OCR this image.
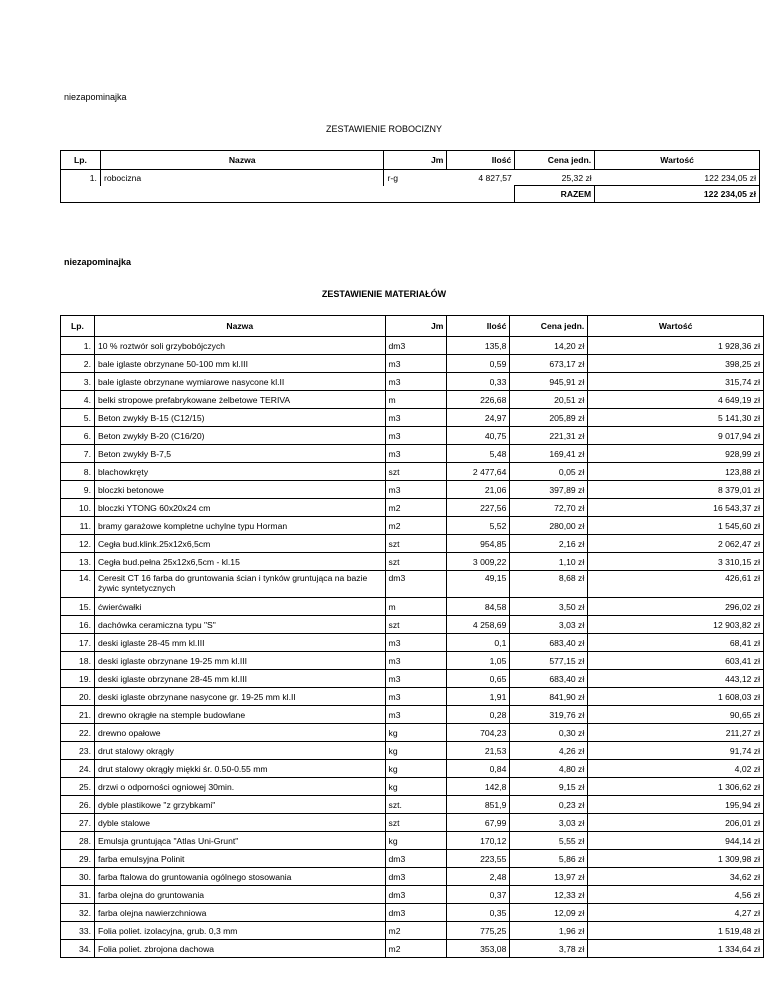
niezapominajka
ZESTAWIENIE ROBOCIZNY
Lp.	Nazwa	Jm	Ilość	Cena jedn.	Wartość
1.	robocizna	r-g	4 827,57	25,32 zł	122 234,05 zł
				RAZEM	122 234,05 zł
niezapominajka
ZESTAWIENIE MATERIAŁÓW
Lp.	Nazwa	Jm	Ilość	Cena jedn.	Wartość
1.	10 % roztwór soli grzybobójczych	dm3	135,8	14,20 zł	1 928,36 zł
2.	bale iglaste obrzynane 50-100 mm kl.III	m3	0,59	673,17 zł	398,25 zł
3.	bale iglaste obrzynane wymiarowe nasycone kl.II	m3	0,33	945,91 zł	315,74 zł
4.	belki stropowe prefabrykowane żelbetowe TERIVA	m	226,68	20,51 zł	4 649,19 zł
5.	Beton zwykły B-15 (C12/15)	m3	24,97	205,89 zł	5 141,30 zł
6.	Beton zwykły B-20 (C16/20)	m3	40,75	221,31 zł	9 017,94 zł
7.	Beton zwykły B-7,5	m3	5,48	169,41 zł	928,99 zł
8.	blachowkręty	szt	2 477,64	0,05 zł	123,88 zł
9.	bloczki betonowe	m3	21,06	397,89 zł	8 379,01 zł
10.	bloczki YTONG 60x20x24 cm	m2	227,56	72,70 zł	16 543,37 zł
11.	bramy garażowe kompletne uchylne typu Horman	m2	5,52	280,00 zł	1 545,60 zł
12.	Cegła bud.klink.25x12x6,5cm	szt	954,85	2,16 zł	2 062,47 zł
13.	Cegła bud.pełna 25x12x6,5cm - kl.15	szt	3 009,22	1,10 zł	3 310,15 zł
14.	Ceresit CT 16 farba do gruntowania ścian i tynków gruntująca na bazie żywic syntetycznych	dm3	49,15	8,68 zł	426,61 zł
15.	ćwierćwałki	m	84,58	3,50 zł	296,02 zł
16.	dachówka ceramiczna typu "S"	szt	4 258,69	3,03 zł	12 903,82 zł
17.	deski iglaste 28-45 mm kl.III	m3	0,1	683,40 zł	68,41 zł
18.	deski iglaste obrzynane 19-25 mm kl.III	m3	1,05	577,15 zł	603,41 zł
19.	deski iglaste obrzynane 28-45 mm kl.III	m3	0,65	683,40 zł	443,12 zł
20.	deski iglaste obrzynane nasycone gr. 19-25 mm kl.II	m3	1,91	841,90 zł	1 608,03 zł
21.	drewno okrągłe na stemple budowlane	m3	0,28	319,76 zł	90,65 zł
22.	drewno opałowe	kg	704,23	0,30 zł	211,27 zł
23.	drut stalowy okrągły	kg	21,53	4,26 zł	91,74 zł
24.	drut stalowy okrągły miękki śr. 0.50-0.55 mm	kg	0,84	4,80 zł	4,02 zł
25.	drzwi o odporności ogniowej 30min.	kg	142,8	9,15 zł	1 306,62 zł
26.	dyble plastikowe "z grzybkami"	szt.	851,9	0,23 zł	195,94 zł
27.	dyble stalowe	szt	67,99	3,03 zł	206,01 zł
28.	Emulsja gruntująca "Atlas Uni-Grunt"	kg	170,12	5,55 zł	944,14 zł
29.	farba emulsyjna Polinit	dm3	223,55	5,86 zł	1 309,98 zł
30.	farba ftalowa do gruntowania ogólnego stosowania	dm3	2,48	13,97 zł	34,62 zł
31.	farba olejna do gruntowania	dm3	0,37	12,33 zł	4,56 zł
32.	farba olejna nawierzchniowa	dm3	0,35	12,09 zł	4,27 zł
33.	Folia poliet. izolacyjna, grub. 0,3 mm	m2	775,25	1,96 zł	1 519,48 zł
34.	Folia poliet. zbrojona dachowa	m2	353,08	3,78 zł	1 334,64 zł
